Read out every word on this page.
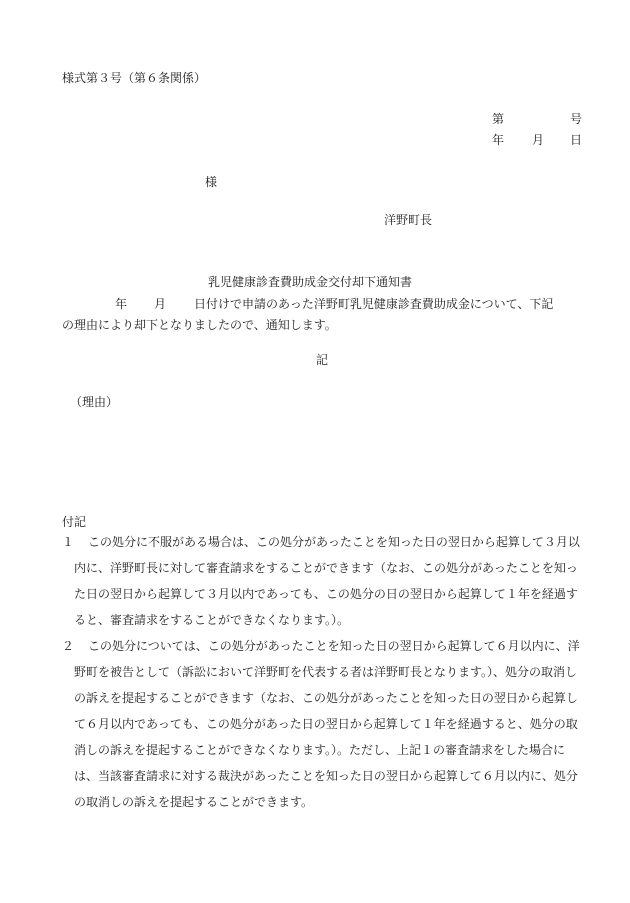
様式第３号（第６条関係）
第	号
年 月 日
様
洋野町長
乳児健康診査費助成金交付却下通知書
年 月 日付けで申請のあった洋野町乳児健康診査費助成金について、下記
の理由により却下となりましたので、通知します。
記
（理由）
付記
１	この処分に不服がある場合は、この処分があったことを知った日の翌日から起算して３月以内に、洋野町長に対して審査請求をすることができます（なお、この処分があったことを知った日の翌日から起算して３月以内であっても、この処分の日の翌日から起算して１年を経過すると、審査請求をすることができなくなります。）。
２	この処分については、この処分があったことを知った日の翌日から起算して６月以内に、洋野町を被告として（訴訟において洋野町を代表する者は洋野町長となります。）、処分の取消しの訴えを提起することができます（なお、この処分があったことを知った日の翌日から起算して６月以内であっても、この処分があった日の翌日から起算して１年を経過すると、処分の取消しの訴えを提起することができなくなります。）。ただし、上記１の審査請求をした場合には、当該審査請求に対する裁決があったことを知った日の翌日から起算して６月以内に、処分の取消しの訴えを提起することができます。
